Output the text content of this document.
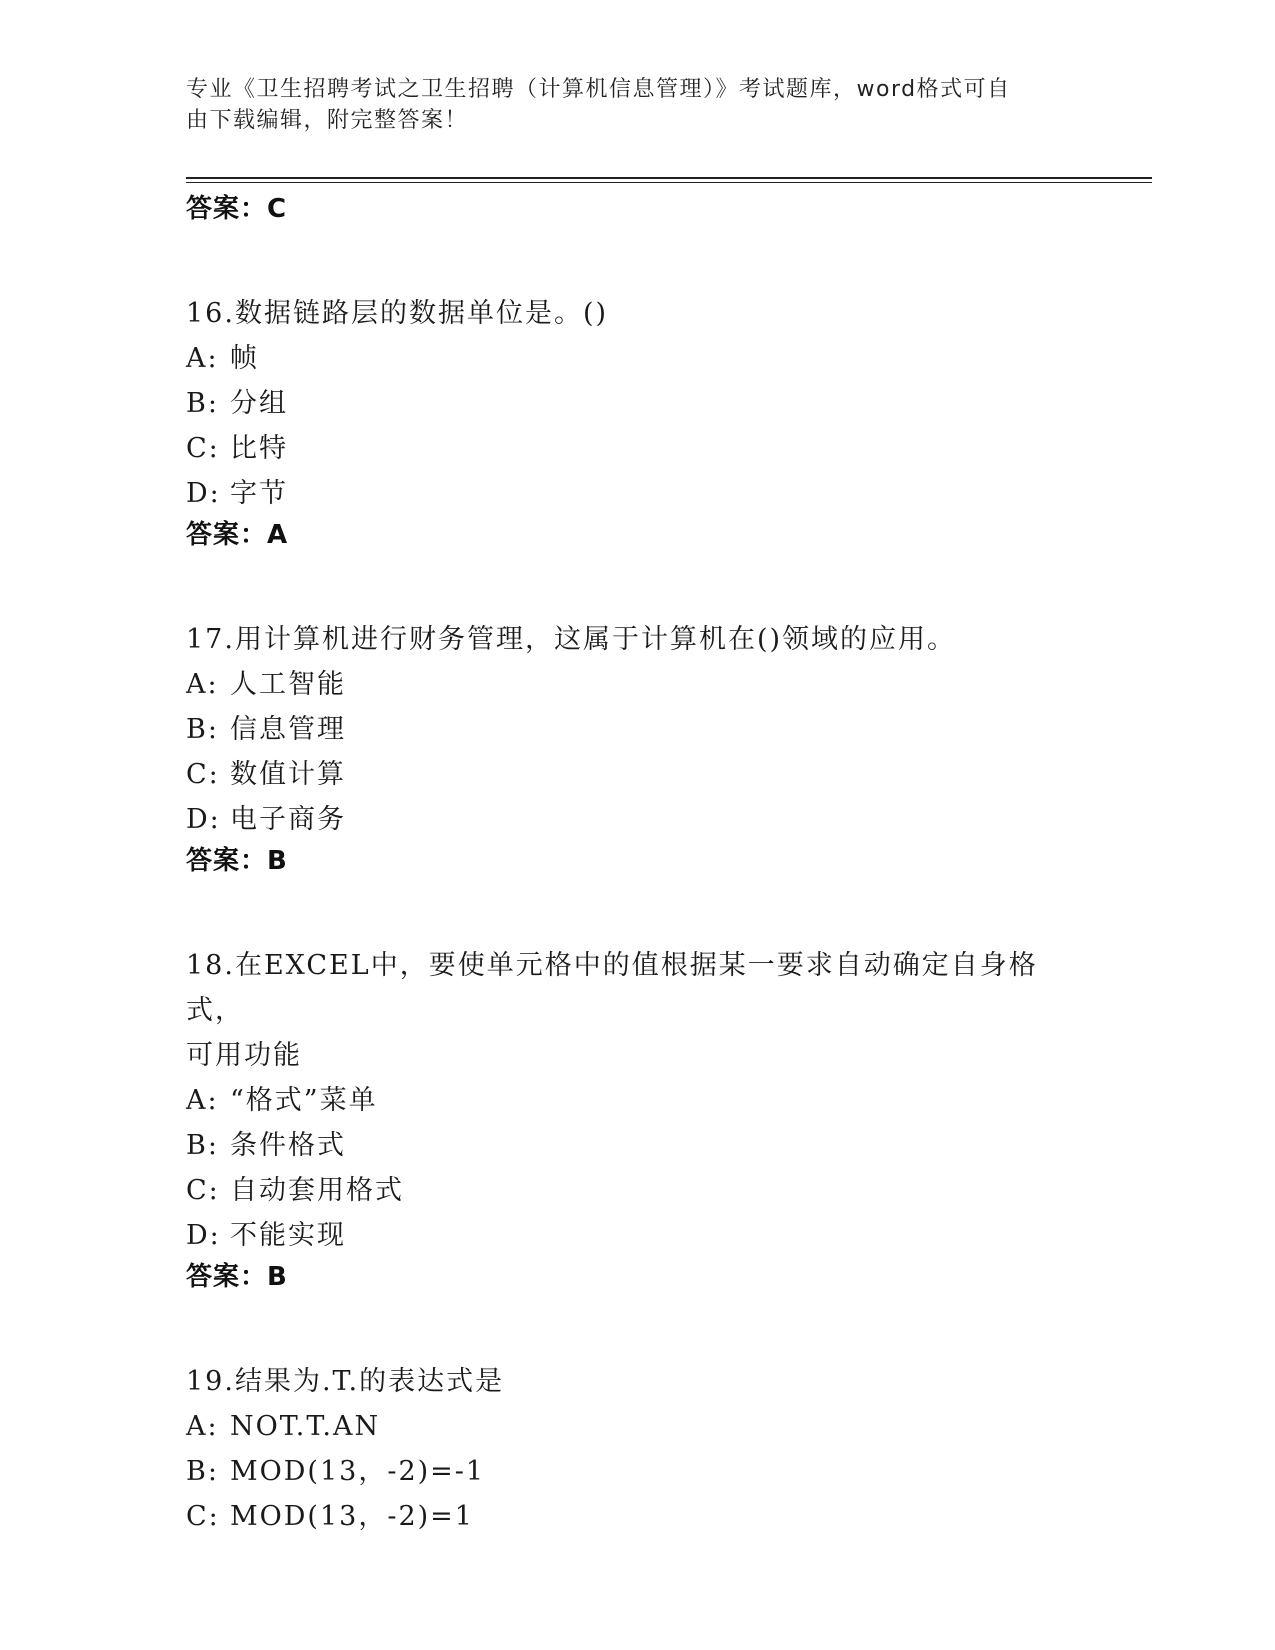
专业《卫生招聘考试之卫生招聘（计算机信息管理）》考试题库，word格式可自
由下载编辑，附完整答案！
答案：C
16.数据链路层的数据单位是。()
A: 帧
B: 分组
C: 比特
D: 字节
答案：A
17.用计算机进行财务管理，这属于计算机在()领域的应用。
A: 人工智能
B: 信息管理
C: 数值计算
D: 电子商务
答案：B
18.在EXCEL中，要使单元格中的值根据某一要求自动确定自身格式，
可用功能
A: “格式”菜单
B: 条件格式
C: 自动套用格式
D: 不能实现
答案：B
19.结果为.T.的表达式是
A: NOT.T.AN
B: MOD(13，-2)=-1
C: MOD(13，-2)=1
